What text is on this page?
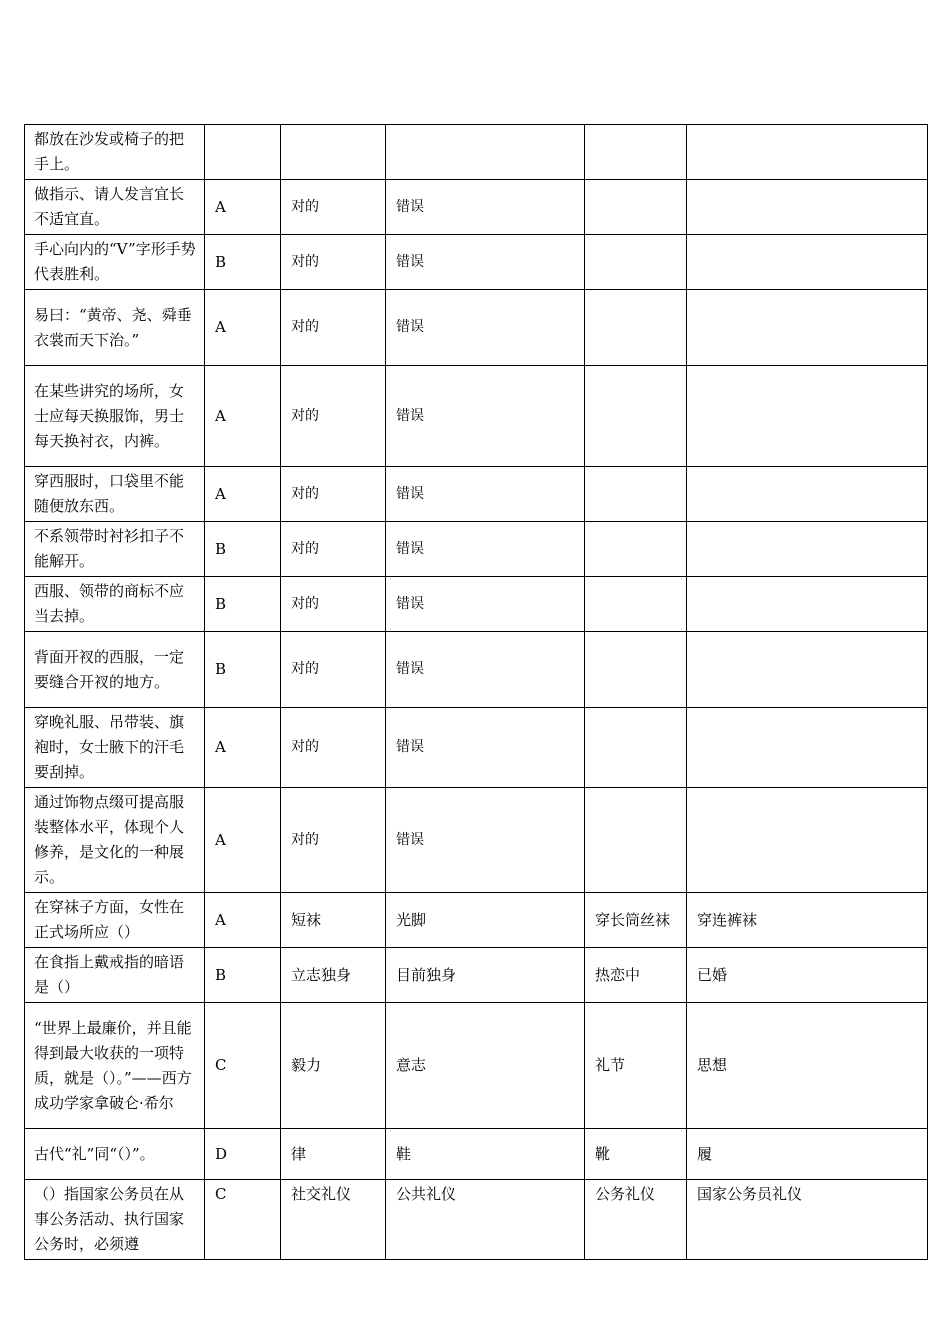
都放在沙发或椅子的把手上。					
做指示、请人发言宜长不适宜直。	A	对的	错误		
手心向内的“V”字形手势代表胜利。	B	对的	错误		
易曰：“黄帝、尧、舜垂衣裳而天下治。”	A	对的	错误		
在某些讲究的场所，女士应每天换服饰，男士每天换衬衣，内裤。	A	对的	错误		
穿西服时，口袋里不能随便放东西。	A	对的	错误		
不系领带时衬衫扣子不能解开。	B	对的	错误		
西服、领带的商标不应当去掉。	B	对的	错误		
背面开衩的西服，一定要缝合开衩的地方。	B	对的	错误		
穿晚礼服、吊带装、旗袍时，女士腋下的汗毛要刮掉。	A	对的	错误		
通过饰物点缀可提高服装整体水平，体现个人修养，是文化的一种展示。	A	对的	错误		
在穿袜子方面，女性在正式场所应（）	A	短袜	光脚	穿长筒丝袜	穿连裤袜
在食指上戴戒指的暗语是（）	B	立志独身	目前独身	热恋中	已婚
“世界上最廉价，并且能得到最大收获的一项特质，就是（）。”——西方成功学家拿破仑·希尔	C	毅力	意志	礼节	思想
古代“礼”同“（）”。	D	律	鞋	靴	履
（）指国家公务员在从事公务活动、执行国家公务时，必须遵	C	社交礼仪	公共礼仪	公务礼仪	国家公务员礼仪
